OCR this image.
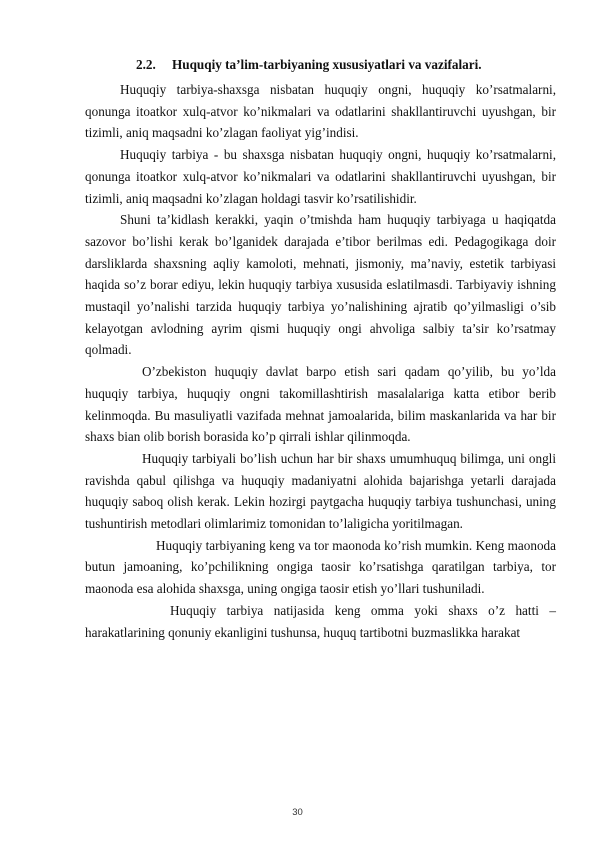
2.2. Huquqiy ta’lim-tarbiyaning xususiyatlari va vazifalari.

Huquqiy tarbiya-shaxsga nisbatan huquqiy ongni, huquqiy ko’rsatmalarni, qonunga itoatkor xulq-atvor ko’nikmalari va odatlarini shakllantiruvchi uyushgan, bir tizimli, aniq maqsadni ko’zlagan faoliyat yig’indisi.

Huquqiy tarbiya - bu shaxsga nisbatan huquqiy ongni, huquqiy ko’rsatmalarni, qonunga itoatkor xulq-atvor ko’nikmalari va odatlarini shakllantiruvchi uyushgan, bir tizimli, aniq maqsadni ko’zlagan holdagi tasvir ko’rsatilishidir.

Shuni ta’kidlash kerakki, yaqin o’tmishda ham huquqiy tarbiyaga u haqiqatda sazovor bo’lishi kerak bo’lganidek darajada e’tibor berilmas edi. Pedagogikaga doir darsliklarda shaxsning aqliy kamoloti, mehnati, jismoniy, ma’naviy, estetik tarbiyasi haqida so’z borar ediyu, lekin huquqiy tarbiya xususida eslatilmasdi. Tarbiyaviy ishning mustaqil yo’nalishi tarzida huquqiy tarbiya yo’nalishining ajratib qo’yilmasligi o’sib kelayotgan avlodning ayrim qismi huquqiy ongi ahvoliga salbiy ta’sir ko’rsatmay qolmadi.

O’zbekiston huquqiy davlat barpo etish sari qadam qo’yilib, bu yo’lda huquqiy tarbiya, huquqiy ongni takomillashtirish masalalariga katta etibor berib kelinmoqda. Bu masuliyatli vazifada mehnat jamoalarida, bilim maskanlarida va har bir shaxs bian olib borish borasida ko’p qirrali ishlar qilinmoqda.

Huquqiy tarbiyali bo’lish uchun har bir shaxs umumhuquq bilimga, uni ongli ravishda qabul qilishga va huquqiy madaniyatni alohida bajarishga yetarli darajada huquqiy saboq olish kerak. Lekin hozirgi paytgacha huquqiy tarbiya tushunchasi, uning tushuntirish metodlari olimlarimiz tomonidan to’laligicha yoritilmagan.

Huquqiy tarbiyaning keng va tor maonoda ko’rish mumkin. Keng maonoda butun jamoaning, ko’pchilikning ongiga taosir ko’rsatishga qaratilgan tarbiya, tor maonoda esa alohida shaxsga, uning ongiga taosir etish yo’llari tushuniladi.

Huquqiy tarbiya natijasida keng omma yoki shaxs o’z hatti – harakatlarining qonuniy ekanligini tushunsa, huquq tartibotni buzmaslikka harakat

30
